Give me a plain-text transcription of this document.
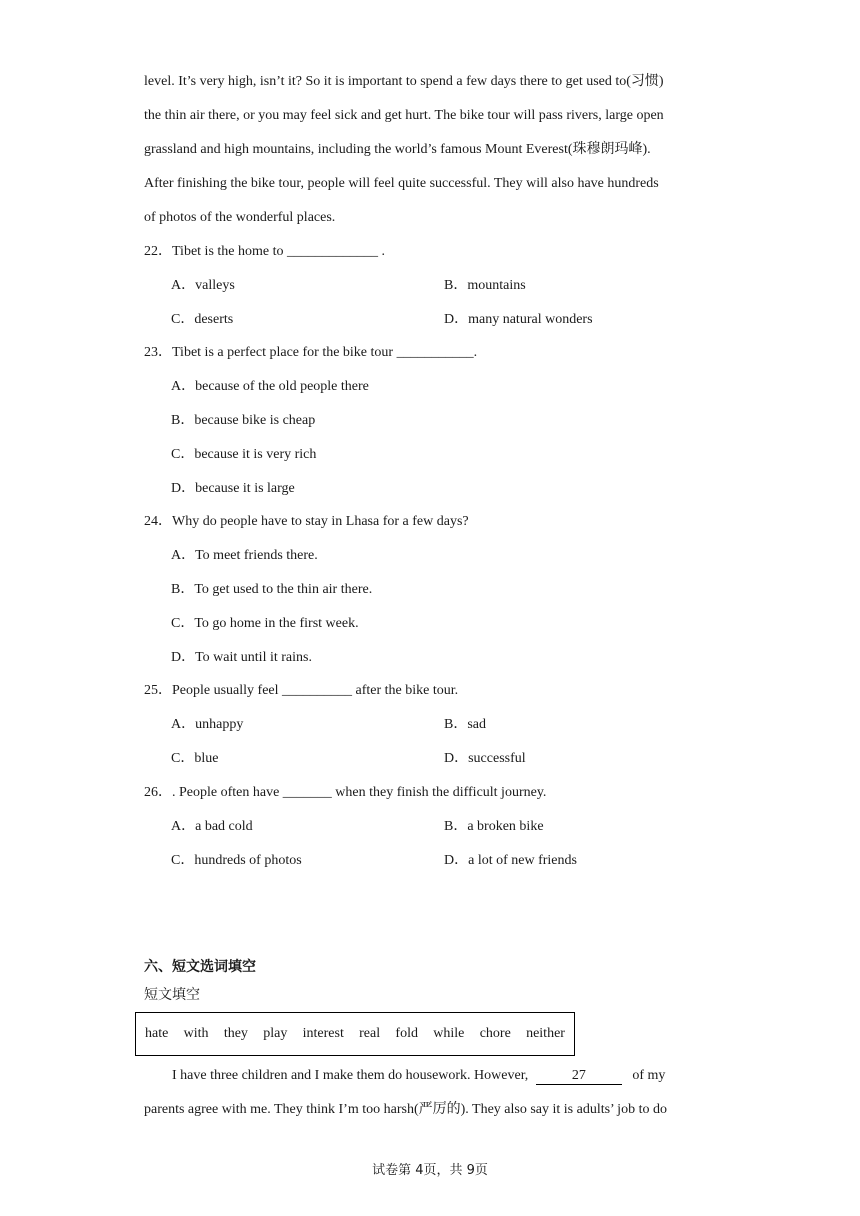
level. It’s very high, isn’t it? So it is important to spend a few days there to get used to(习惯)
the thin air there, or you may feel sick and get hurt. The bike tour will pass rivers, large open
grassland and high mountains, including the world’s famous Mount Everest(珠穆朗玛峰).
After finishing the bike tour, people will feel quite successful. They will also have hundreds
of photos of the wonderful places.
22．Tibet is the home to _____________ .
A．valleys	B．mountains
C．deserts	D．many natural wonders
23．Tibet is a perfect place for the bike tour ___________.
A．because of the old people there
B．because bike is cheap
C．because it is very rich
D．because it is large
24．Why do people have to stay in Lhasa for a few days?
A．To meet friends there.
B．To get used to the thin air there.
C．To go home in the first week.
D．To wait until it rains.
25．People usually feel __________ after the bike tour.
A．unhappy	B．sad
C．blue	D．successful
26．. People often have _______ when they finish the difficult journey.
A．a bad cold	B．a broken bike
C．hundreds of photos	D．a lot of new friends
六、短文选词填空
短文填空
hate with they play interest real fold while chore neither
I have three children and I make them do housework. However,	27	of my
parents agree with me. They think I’m too harsh(严厉的). They also say it is adults’ job to do
试卷第 4页，共 9页
